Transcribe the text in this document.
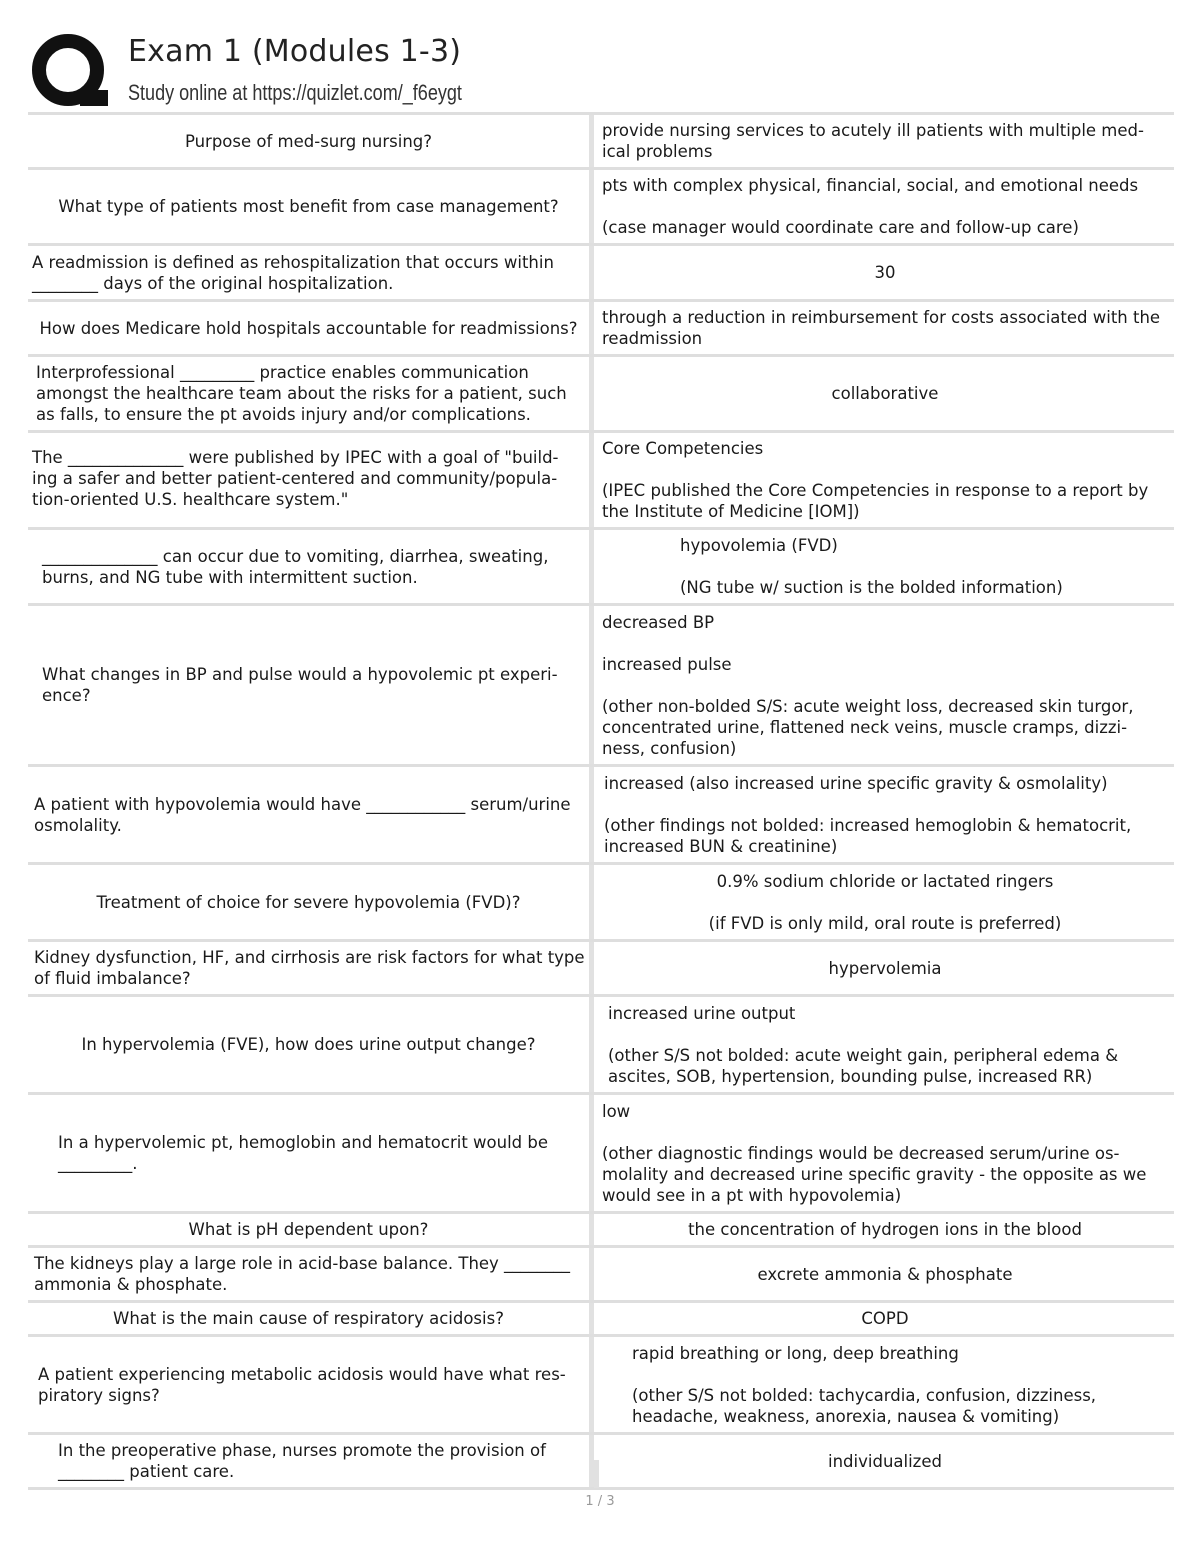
Exam 1 (Modules 1-3)
Study online at https://quizlet.com/_f6eygt
Purpose of med-surg nursing?

provide nursing services to acutely ill patients with multiple med-ical problems

What type of patients most benefit from case management?

pts with complex physical, financial, social, and emotional needs

(case manager would coordinate care and follow-up care)

A readmission is defined as rehospitalization that occurs within ________ days of the original hospitalization.

30

How does Medicare hold hospitals accountable for readmissions?

through a reduction in reimbursement for costs associated with the readmission

Interprofessional _________ practice enables communication amongst the healthcare team about the risks for a patient, such as falls, to ensure the pt avoids injury and/or complications.

collaborative

The ______________ were published by IPEC with a goal of "build-ing a safer and better patient-centered and community/popula-tion-oriented U.S. healthcare system."

Core Competencies

(IPEC published the Core Competencies in response to a report by the Institute of Medicine [IOM])

______________ can occur due to vomiting, diarrhea, sweating, burns, and NG tube with intermittent suction.

hypovolemia (FVD)

(NG tube w/ suction is the bolded information)

What changes in BP and pulse would a hypovolemic pt experi-ence?

decreased BP

increased pulse

(other non-bolded S/S: acute weight loss, decreased skin turgor, concentrated urine, flattened neck veins, muscle cramps, dizzi-ness, confusion)

A patient with hypovolemia would have ____________ serum/urine osmolality.

increased (also increased urine specific gravity & osmolality)

(other findings not bolded: increased hemoglobin & hematocrit, increased BUN & creatinine)

Treatment of choice for severe hypovolemia (FVD)?

0.9% sodium chloride or lactated ringers

(if FVD is only mild, oral route is preferred)

Kidney dysfunction, HF, and cirrhosis are risk factors for what type of fluid imbalance?

hypervolemia

In hypervolemia (FVE), how does urine output change?

increased urine output

(other S/S not bolded: acute weight gain, peripheral edema & ascites, SOB, hypertension, bounding pulse, increased RR)

In a hypervolemic pt, hemoglobin and hematocrit would be _________.

low

(other diagnostic findings would be decreased serum/urine os-molality and decreased urine specific gravity - the opposite as we would see in a pt with hypovolemia)

What is pH dependent upon?	the concentration of hydrogen ions in the blood

The kidneys play a large role in acid-base balance. They ________ ammonia & phosphate.

excrete ammonia & phosphate

What is the main cause of respiratory acidosis?	COPD

A patient experiencing metabolic acidosis would have what res-piratory signs?

rapid breathing or long, deep breathing

(other S/S not bolded: tachycardia, confusion, dizziness, headache, weakness, anorexia, nausea & vomiting)

In the preoperative phase, nurses promote the provision of ________ patient care.

individualized

1 / 3
